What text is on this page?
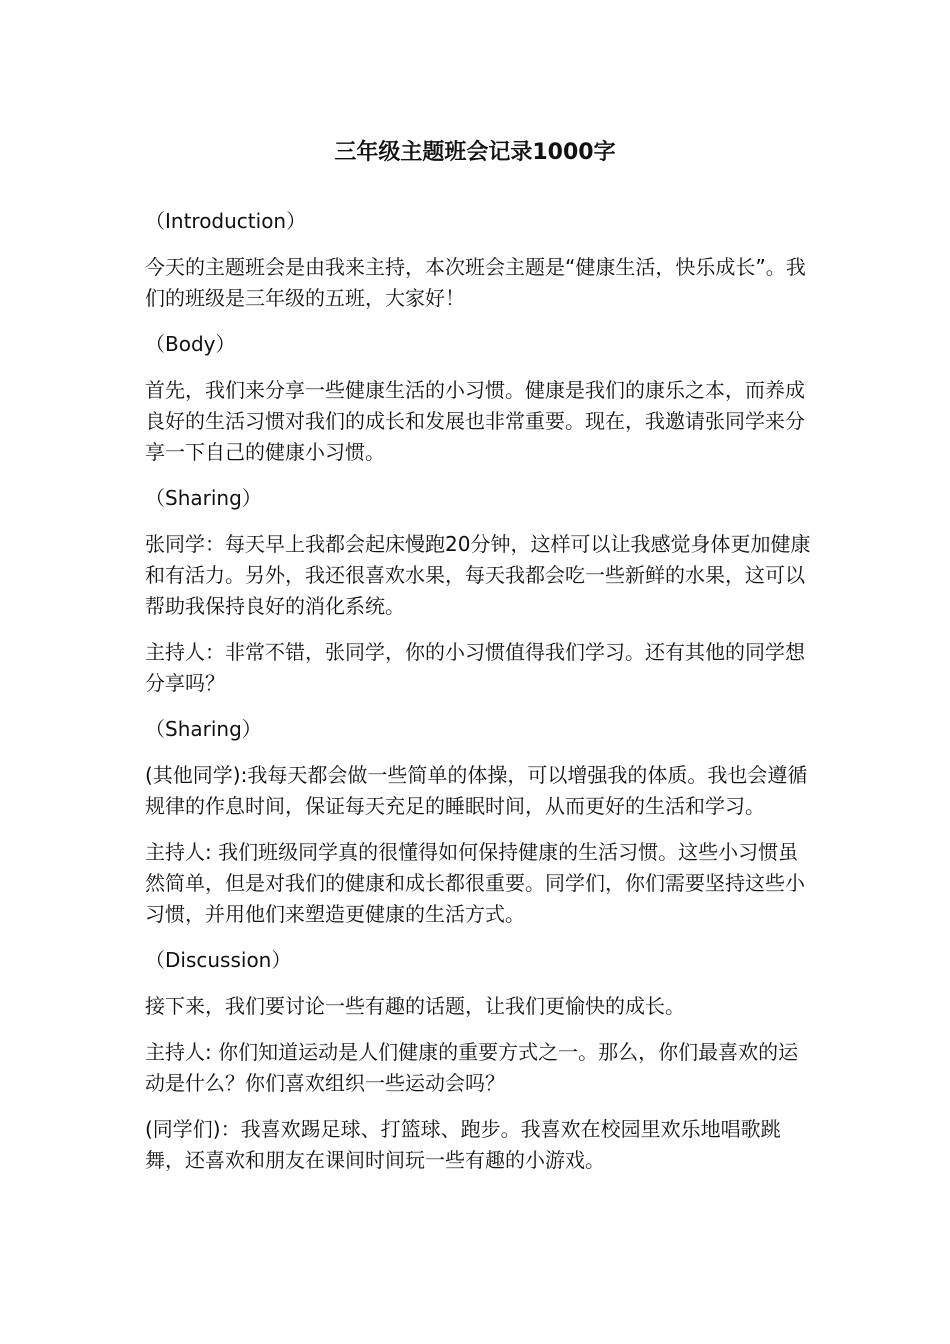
三年级主题班会记录1000字

（Introduction）

今天的主题班会是由我来主持，本次班会主题是“健康生活，快乐成长”。我们的班级是三年级的五班，大家好！

（Body）

首先，我们来分享一些健康生活的小习惯。健康是我们的康乐之本，而养成良好的生活习惯对我们的成长和发展也非常重要。现在，我邀请张同学来分享一下自己的健康小习惯。

（Sharing）

张同学：每天早上我都会起床慢跑20分钟，这样可以让我感觉身体更加健康和有活力。另外，我还很喜欢水果，每天我都会吃一些新鲜的水果，这可以帮助我保持良好的消化系统。

主持人：非常不错，张同学，你的小习惯值得我们学习。还有其他的同学想分享吗？

（Sharing）

(其他同学):我每天都会做一些简单的体操，可以增强我的体质。我也会遵循规律的作息时间，保证每天充足的睡眠时间，从而更好的生活和学习。

主持人: 我们班级同学真的很懂得如何保持健康的生活习惯。这些小习惯虽然简单，但是对我们的健康和成长都很重要。同学们，你们需要坚持这些小习惯，并用他们来塑造更健康的生活方式。

（Discussion）

接下来，我们要讨论一些有趣的话题，让我们更愉快的成长。

主持人: 你们知道运动是人们健康的重要方式之一。那么，你们最喜欢的运动是什么？你们喜欢组织一些运动会吗？

(同学们)：我喜欢踢足球、打篮球、跑步。我喜欢在校园里欢乐地唱歌跳舞，还喜欢和朋友在课间时间玩一些有趣的小游戏。
